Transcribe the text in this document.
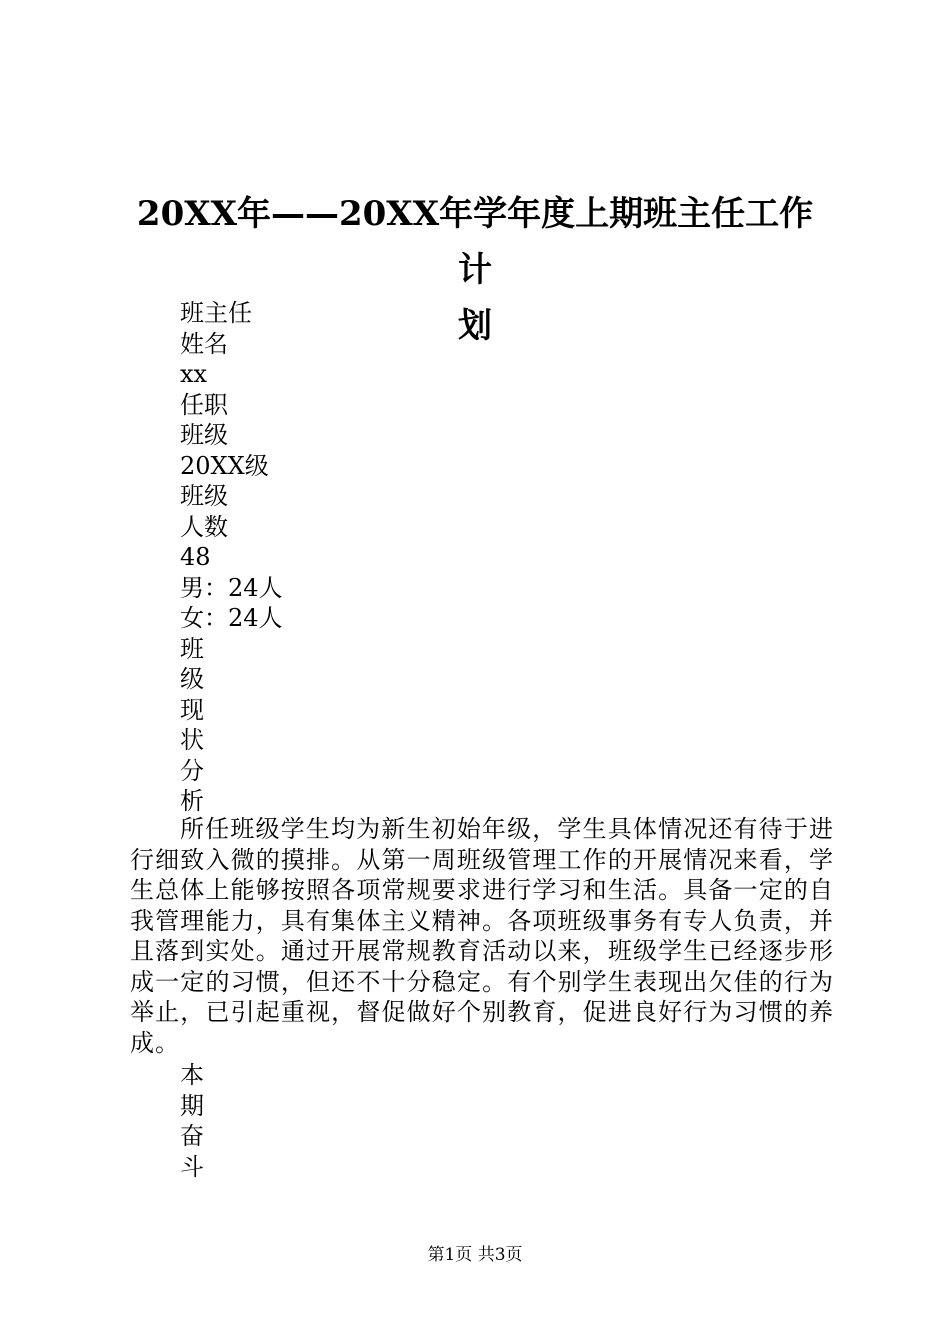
20XX年——20XX年学年度上期班主任工作计
划
班主任
姓名
xx
任职
班级
20XX级
班级
人数
48
男：24人
女：24人
班
级
现
状
分
析

所任班级学生均为新生初始年级，学生具体情况还有待于进行细致入微的摸排。从第一周班级管理工作的开展情况来看，学生总体上能够按照各项常规要求进行学习和生活。具备一定的自我管理能力，具有集体主义精神。各项班级事务有专人负责，并且落到实处。通过开展常规教育活动以来，班级学生已经逐步形成一定的习惯，但还不十分稳定。有个别学生表现出欠佳的行为举止，已引起重视，督促做好个别教育，促进良好行为习惯的养成。

本
期
奋
斗
第1页 共3页
